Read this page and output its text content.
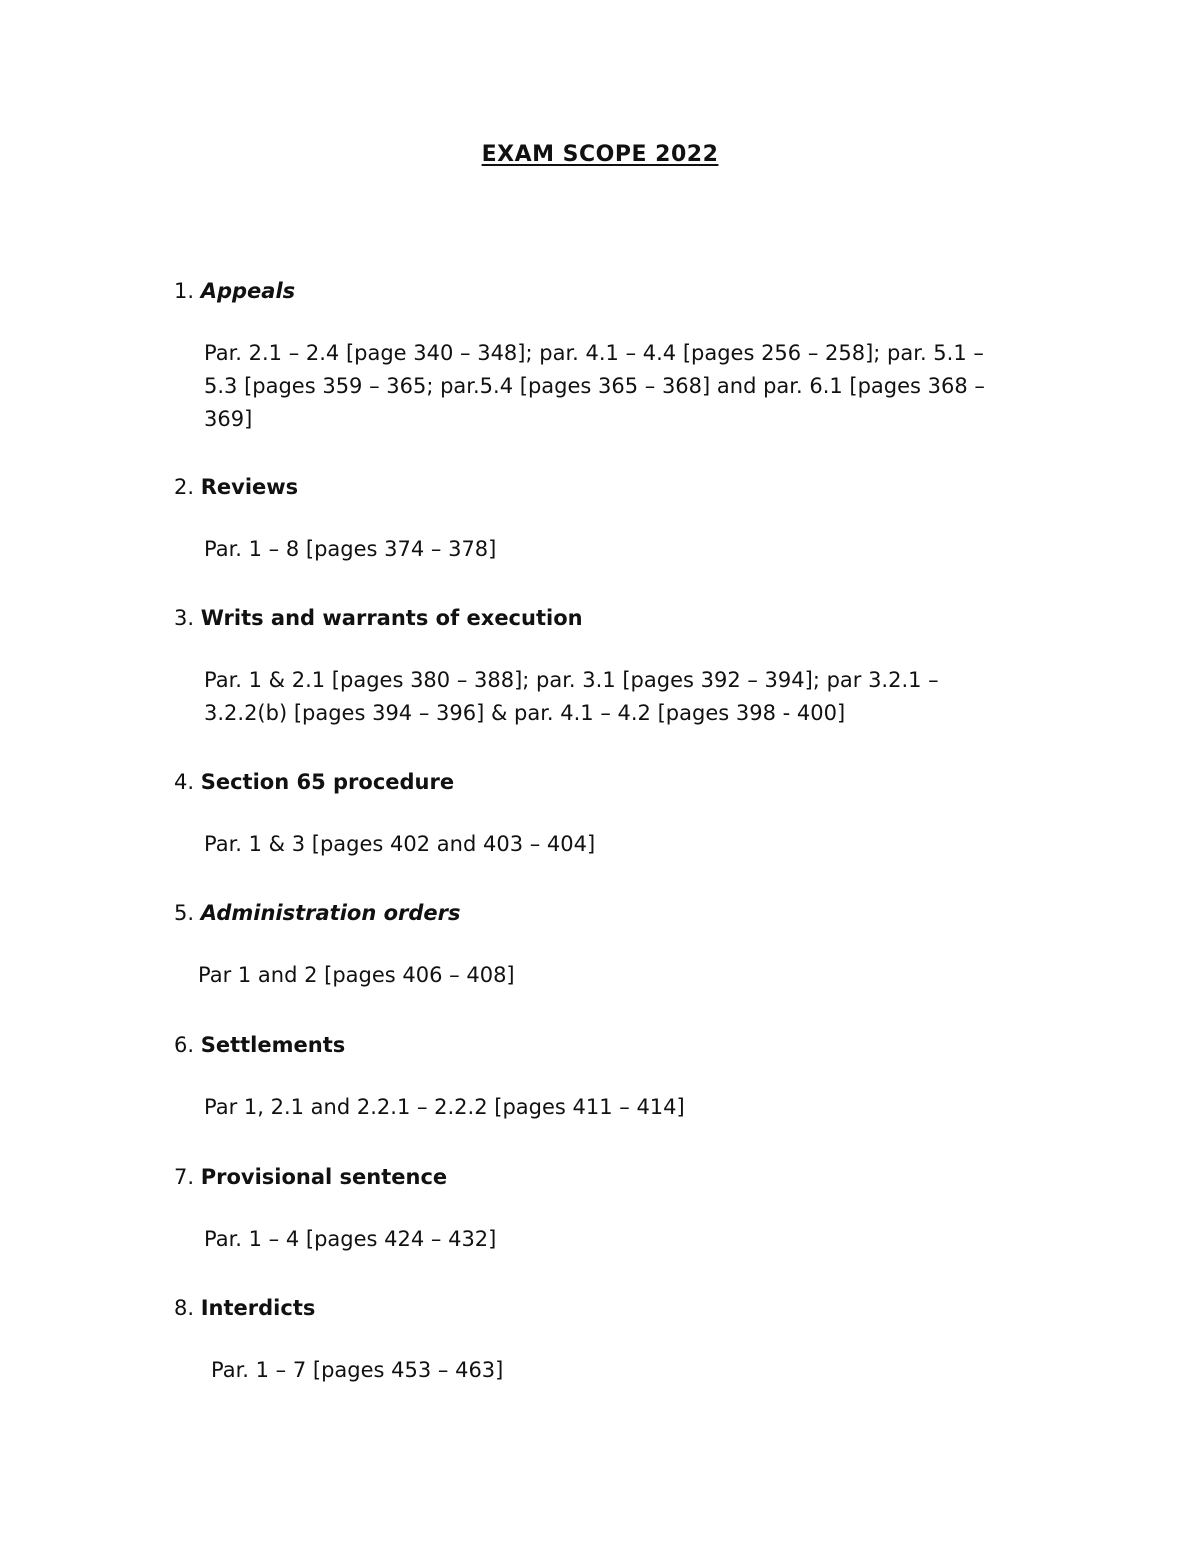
EXAM SCOPE 2022
1. Appeals
Par. 2.1 – 2.4 [page 340 – 348]; par. 4.1 – 4.4 [pages 256 – 258]; par. 5.1 – 5.3 [pages 359 – 365; par.5.4 [pages 365 – 368] and par. 6.1 [pages 368 – 369]
2. Reviews
Par. 1 – 8 [pages 374 – 378]
3. Writs and warrants of execution
Par. 1 & 2.1 [pages 380 – 388]; par. 3.1 [pages 392 – 394]; par 3.2.1 – 3.2.2(b) [pages 394 – 396] & par. 4.1 – 4.2 [pages 398 - 400]
4. Section 65 procedure
Par. 1 & 3 [pages 402 and 403 – 404]
5. Administration orders
Par 1 and 2 [pages 406 – 408]
6. Settlements
Par 1, 2.1 and 2.2.1 – 2.2.2 [pages 411 – 414]
7. Provisional sentence
Par. 1 – 4 [pages 424 – 432]
8. Interdicts
Par. 1 – 7 [pages 453 – 463]
